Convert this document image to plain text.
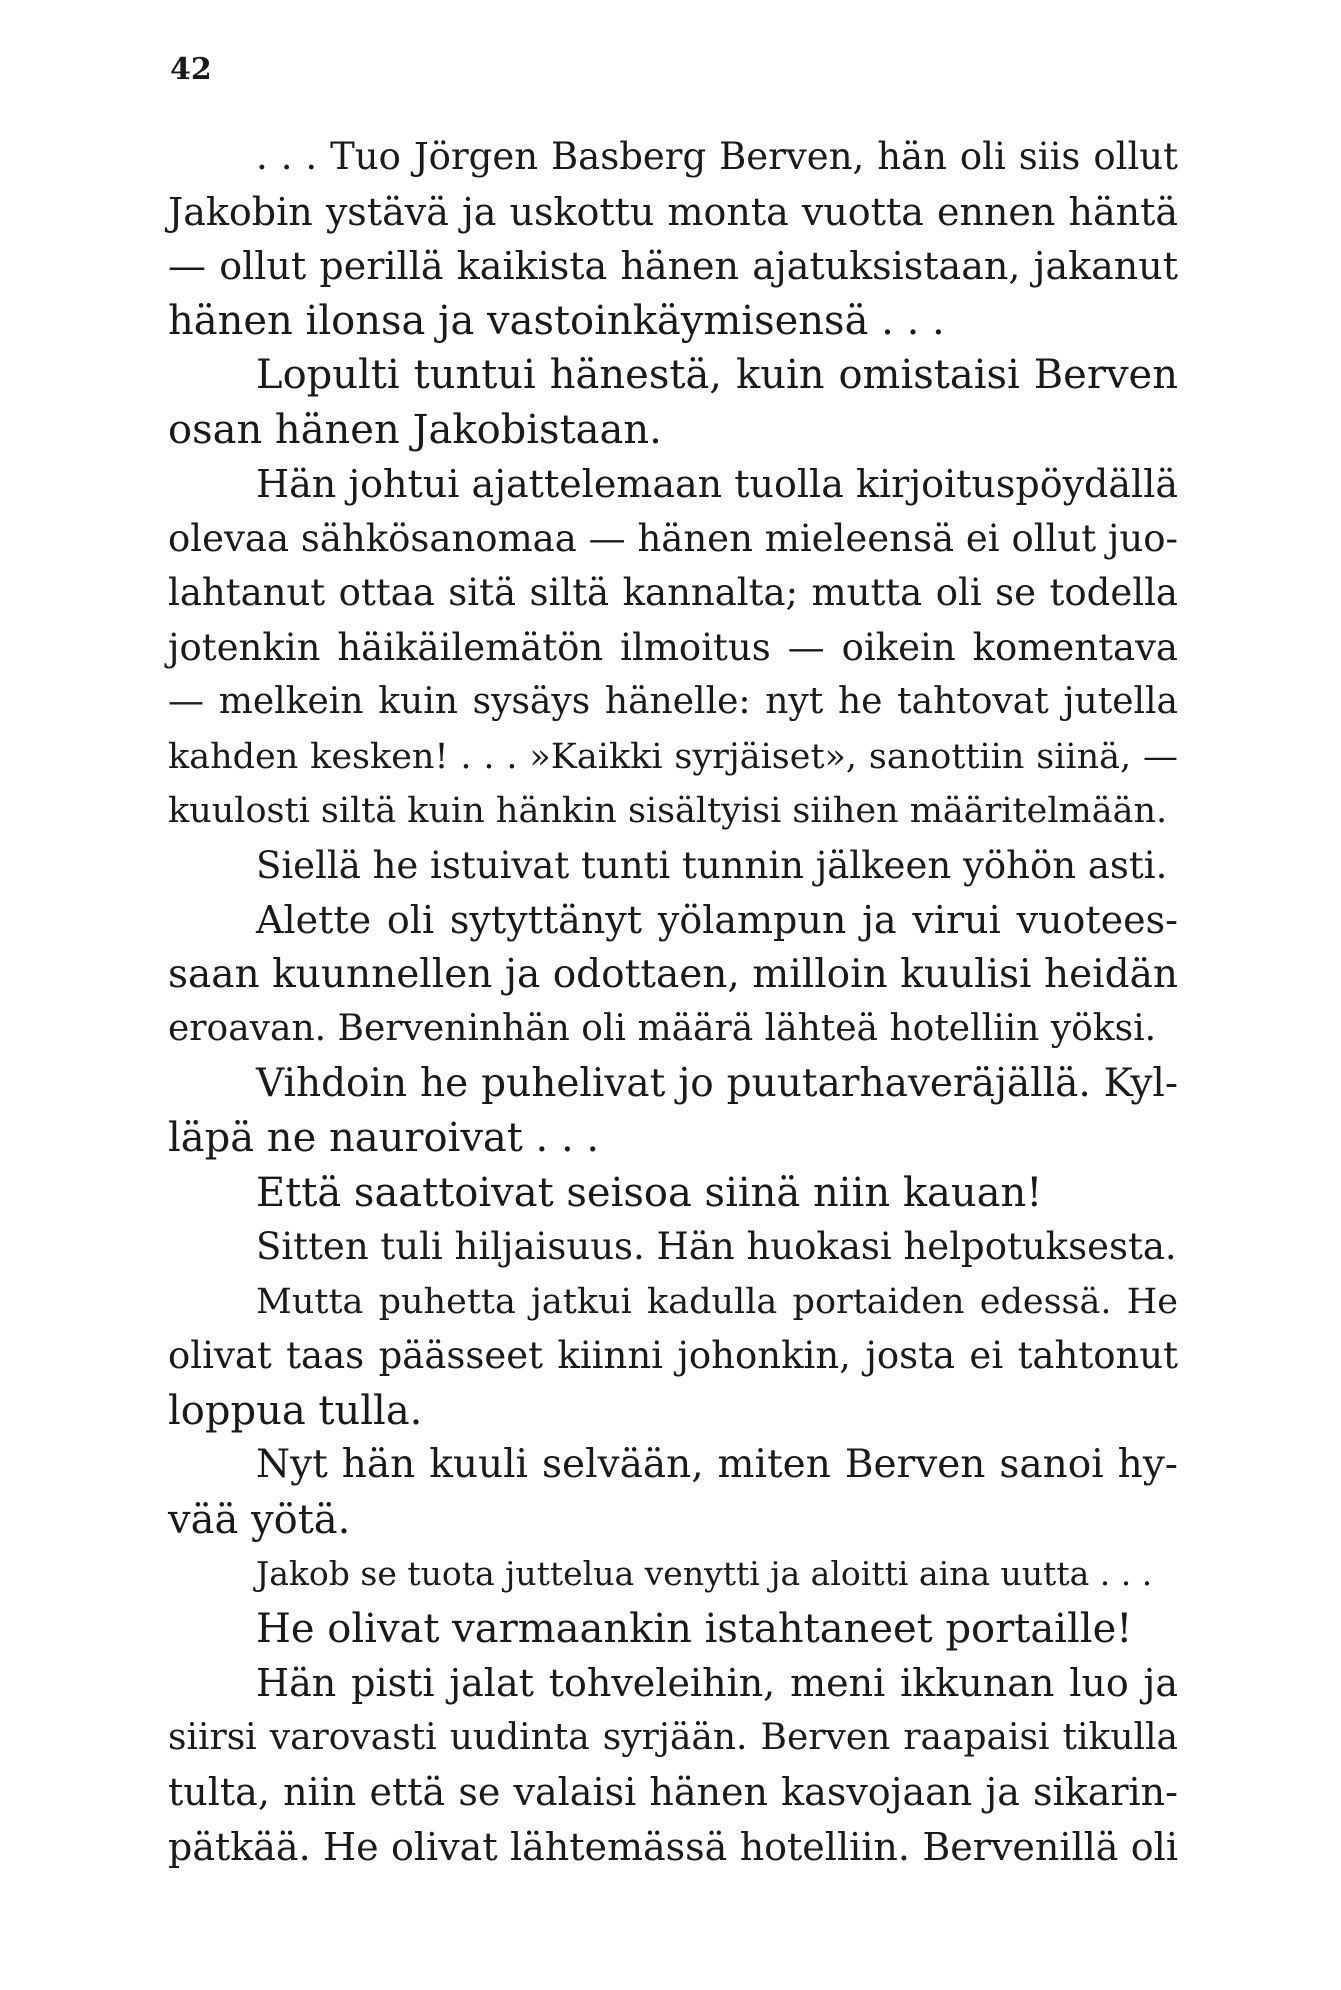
42
. . . Tuo Jörgen Basberg Berven, hän oli siis ollut
Jakobin ystävä ja uskottu monta vuotta ennen häntä
— ollut perillä kaikista hänen ajatuksistaan, jakanut
hänen ilonsa ja vastoinkäymisensä . . .
Lopulti tuntui hänestä, kuin omistaisi Berven
osan hänen Jakobistaan.
Hän johtui ajattelemaan tuolla kirjoituspöydällä
olevaa sähkösanomaa — hänen mieleensä ei ollut juo-
lahtanut ottaa sitä siltä kannalta; mutta oli se todella
jotenkin häikäilemätön ilmoitus — oikein komentava
— melkein kuin sysäys hänelle: nyt he tahtovat jutella
kahden kesken! . . . »Kaikki syrjäiset», sanottiin siinä, —
kuulosti siltä kuin hänkin sisältyisi siihen määritelmään.
Siellä he istuivat tunti tunnin jälkeen yöhön asti.
Alette oli sytyttänyt yölampun ja virui vuotees-
saan kuunnellen ja odottaen, milloin kuulisi heidän
eroavan. Berveninhän oli määrä lähteä hotelliin yöksi.
Vihdoin he puhelivat jo puutarhaveräjällä. Kyl-
läpä ne nauroivat . . .
Että saattoivat seisoa siinä niin kauan!
Sitten tuli hiljaisuus. Hän huokasi helpotuksesta.
Mutta puhetta jatkui kadulla portaiden edessä. He
olivat taas päässeet kiinni johonkin, josta ei tahtonut
loppua tulla.
Nyt hän kuuli selvään, miten Berven sanoi hy-
vää yötä.
Jakob se tuota juttelua venytti ja aloitti aina uutta . . .
He olivat varmaankin istahtaneet portaille!
Hän pisti jalat tohveleihin, meni ikkunan luo ja
siirsi varovasti uudinta syrjään. Berven raapaisi tikulla
tulta, niin että se valaisi hänen kasvojaan ja sikarin-
pätkää. He olivat lähtemässä hotelliin. Bervenillä oli
